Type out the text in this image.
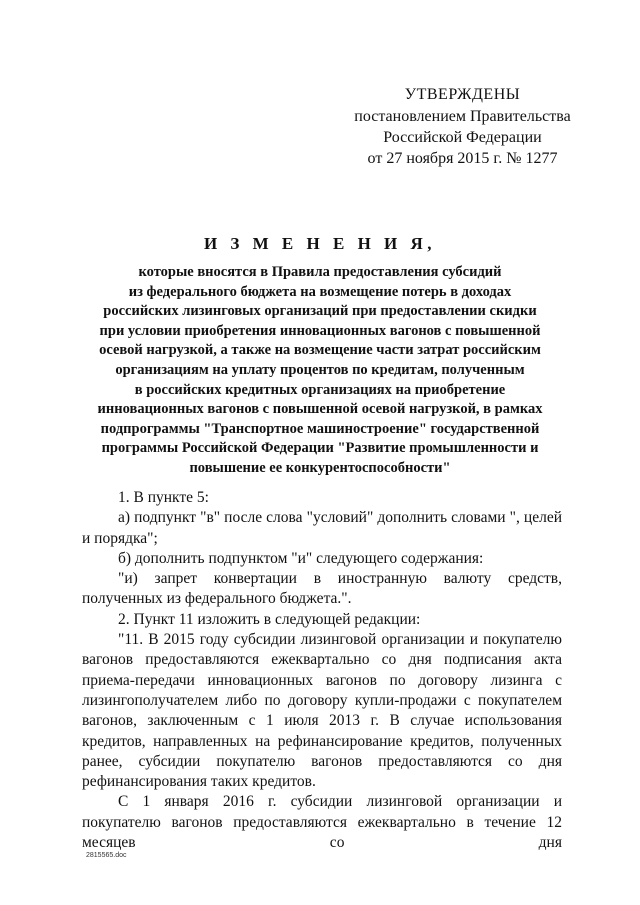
УТВЕРЖДЕНЫ
постановлением Правительства
Российской Федерации
от 27 ноября 2015 г. № 1277
И З М Е Н Е Н И Я,
которые вносятся в Правила предоставления субсидий
из федерального бюджета на возмещение потерь в доходах
российских лизинговых организаций при предоставлении скидки
при условии приобретения инновационных вагонов с повышенной
осевой нагрузкой, а также на возмещение части затрат российским
организациям на уплату процентов по кредитам, полученным
в российских кредитных организациях на приобретение
инновационных вагонов с повышенной осевой нагрузкой, в рамках
подпрограммы "Транспортное машиностроение" государственной
программы Российской Федерации "Развитие промышленности и
повышение ее конкурентоспособности"

1. В пункте 5:

а) подпункт "в" после слова "условий" дополнить словами ", целей и порядка";

б) дополнить подпунктом "и" следующего содержания:

"и) запрет конвертации в иностранную валюту средств, полученных из федерального бюджета.".

2. Пункт 11 изложить в следующей редакции:

"11. В 2015 году субсидии лизинговой организации и покупателю вагонов предоставляются ежеквартально со дня подписания акта приема-передачи инновационных вагонов по договору лизинга с лизингополучателем либо по договору купли-продажи с покупателем вагонов, заключенным с 1 июля 2013 г. В случае использования кредитов, направленных на рефинансирование кредитов, полученных ранее, субсидии покупателю вагонов предоставляются со дня рефинансирования таких кредитов.

С 1 января 2016 г. субсидии лизинговой организации и покупателю вагонов предоставляются ежеквартально в течение 12 месяцев со дня

2815565.doc
